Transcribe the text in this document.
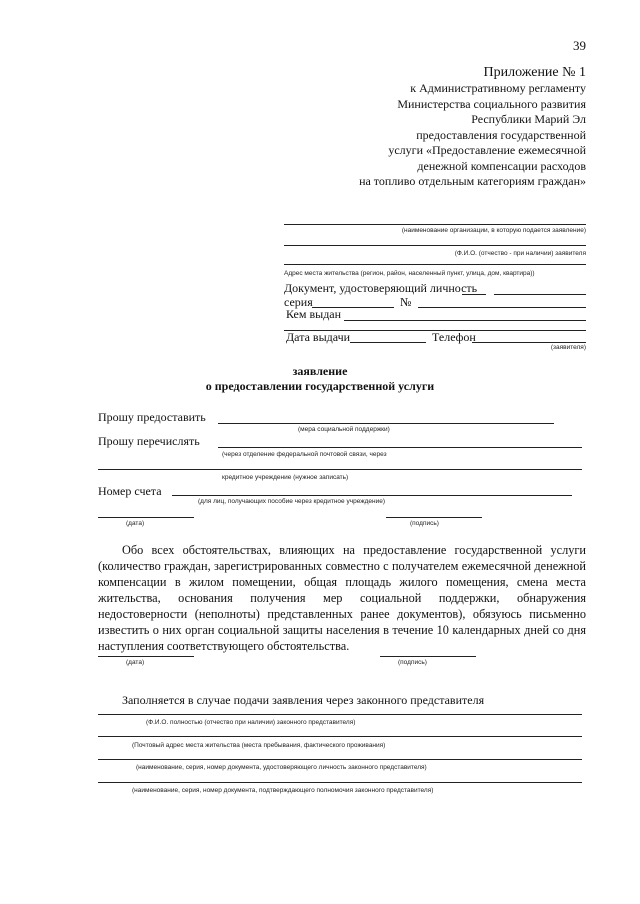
39
Приложение № 1
к Административному регламенту
Министерства социального развития
Республики Марий Эл
предоставления государственной
услуги «Предоставление ежемесячной
денежной компенсации расходов
на топливо отдельным категориям граждан»
(наименование организации, в которую подается заявление)
(Ф.И.О. (отчество - при наличии) заявителя
Адрес места жительства (регион, район, населенный пункт, улица, дом, квартира))
Документ, удостоверяющий личность
серия	№
Кем выдан
Дата выдачи	Телефон
(заявителя)
заявление
о предоставлении государственной услуги
Прошу предоставить
(мера социальной поддержки)
Прошу перечислять
(через отделение федеральной почтовой связи, через
кредитное учреждение (нужное записать)
Номер счета
(для лиц, получающих пособие через кредитное учреждение)
(дата)	(подпись)

Обо всех обстоятельствах, влияющих на предоставление государственной услуги (количество граждан, зарегистрированных совместно с получателем ежемесячной денежной компенсации в жилом помещении, общая площадь жилого помещения, смена места жительства, основания получения мер социальной поддержки, обнаружения недостоверности (неполноты) представленных ранее документов), обязуюсь письменно известить о них орган социальной защиты населения в течение 10 календарных дней со дня наступления соответствующего обстоятельства.

(дата)	(подпись)
Заполняется в случае подачи заявления через законного представителя
(Ф.И.О. полностью (отчество при наличии) законного представителя)
(Почтовый адрес места жительства (места пребывания, фактического проживания)
(наименование, серия, номер документа, удостоверяющего личность законного представителя)
(наименование, серия, номер документа, подтверждающего полномочия законного представителя)
